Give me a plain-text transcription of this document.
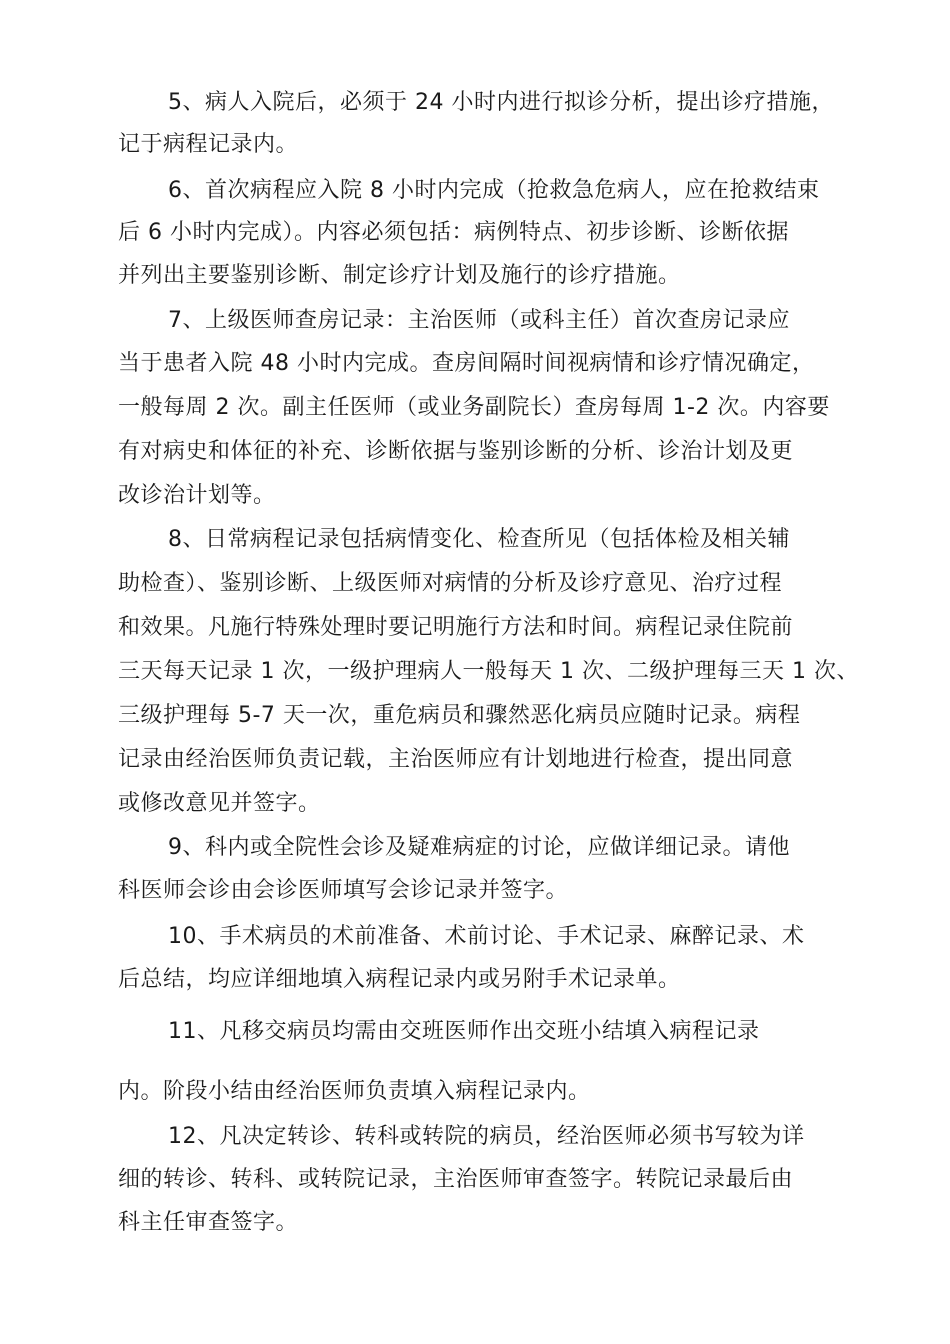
5、病人入院后，必须于 24 小时内进行拟诊分析，提出诊疗措施，
记于病程记录内。
6、首次病程应入院 8 小时内完成（抢救急危病人，应在抢救结束
后 6 小时内完成）。内容必须包括：病例特点、初步诊断、诊断依据
并列出主要鉴别诊断、制定诊疗计划及施行的诊疗措施。
7、上级医师查房记录：主治医师（或科主任）首次查房记录应
当于患者入院 48 小时内完成。查房间隔时间视病情和诊疗情况确定，
一般每周 2 次。副主任医师（或业务副院长）查房每周 1-2 次。内容要
有对病史和体征的补充、诊断依据与鉴别诊断的分析、诊治计划及更
改诊治计划等。
8、日常病程记录包括病情变化、检查所见（包括体检及相关辅
助检查）、鉴别诊断、上级医师对病情的分析及诊疗意见、治疗过程
和效果。凡施行特殊处理时要记明施行方法和时间。病程记录住院前
三天每天记录 1 次，一级护理病人一般每天 1 次、二级护理每三天 1 次、
三级护理每 5-7 天一次，重危病员和骤然恶化病员应随时记录。病程
记录由经治医师负责记载，主治医师应有计划地进行检查，提出同意
或修改意见并签字。
9、科内或全院性会诊及疑难病症的讨论，应做详细记录。请他
科医师会诊由会诊医师填写会诊记录并签字。
10、手术病员的术前准备、术前讨论、手术记录、麻醉记录、术
后总结，均应详细地填入病程记录内或另附手术记录单。
11、凡移交病员均需由交班医师作出交班小结填入病程记录
内。阶段小结由经治医师负责填入病程记录内。
12、凡决定转诊、转科或转院的病员，经治医师必须书写较为详
细的转诊、转科、或转院记录，主治医师审查签字。转院记录最后由
科主任审查签字。
